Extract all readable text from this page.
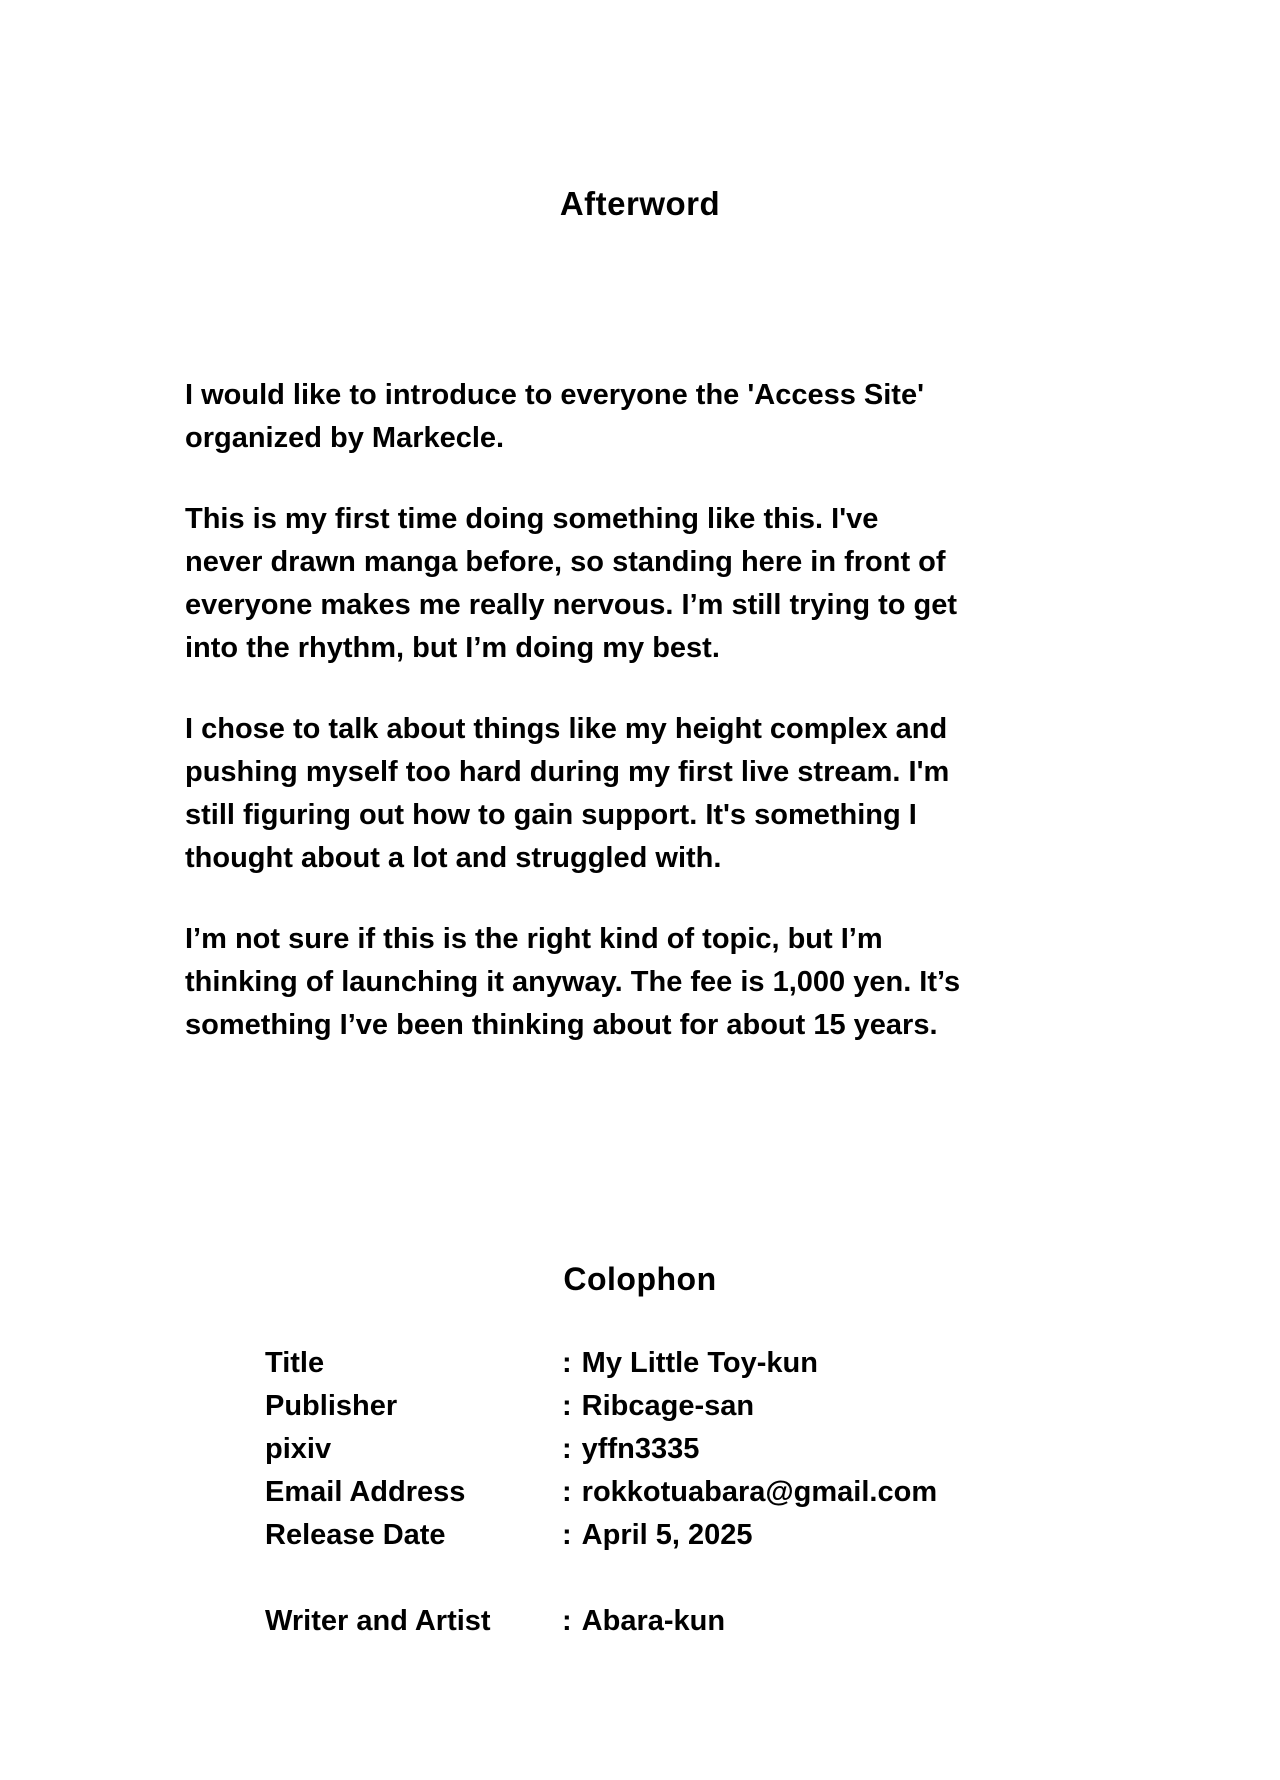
Afterword
I would like to introduce to everyone the 'Access Site'
organized by Markecle.
This is my first time doing something like this. I've
never drawn manga before, so standing here in front of
everyone makes me really nervous. I’m still trying to get
into the rhythm, but I’m doing my best.
I chose to talk about things like my height complex and
pushing myself too hard during my first live stream. I'm
still figuring out how to gain support. It's something I
thought about a lot and struggled with.
I’m not sure if this is the right kind of topic, but I’m
thinking of launching it anyway. The fee is 1,000 yen. It’s
something I’ve been thinking about for about 15 years.
Colophon
Title	: My Little Toy-kun
Publisher	: Ribcage-san
pixiv	: yffn3335
Email Address	: rokkotuabara@gmail.com
Release Date	: April 5, 2025
Writer and Artist	: Abara-kun
